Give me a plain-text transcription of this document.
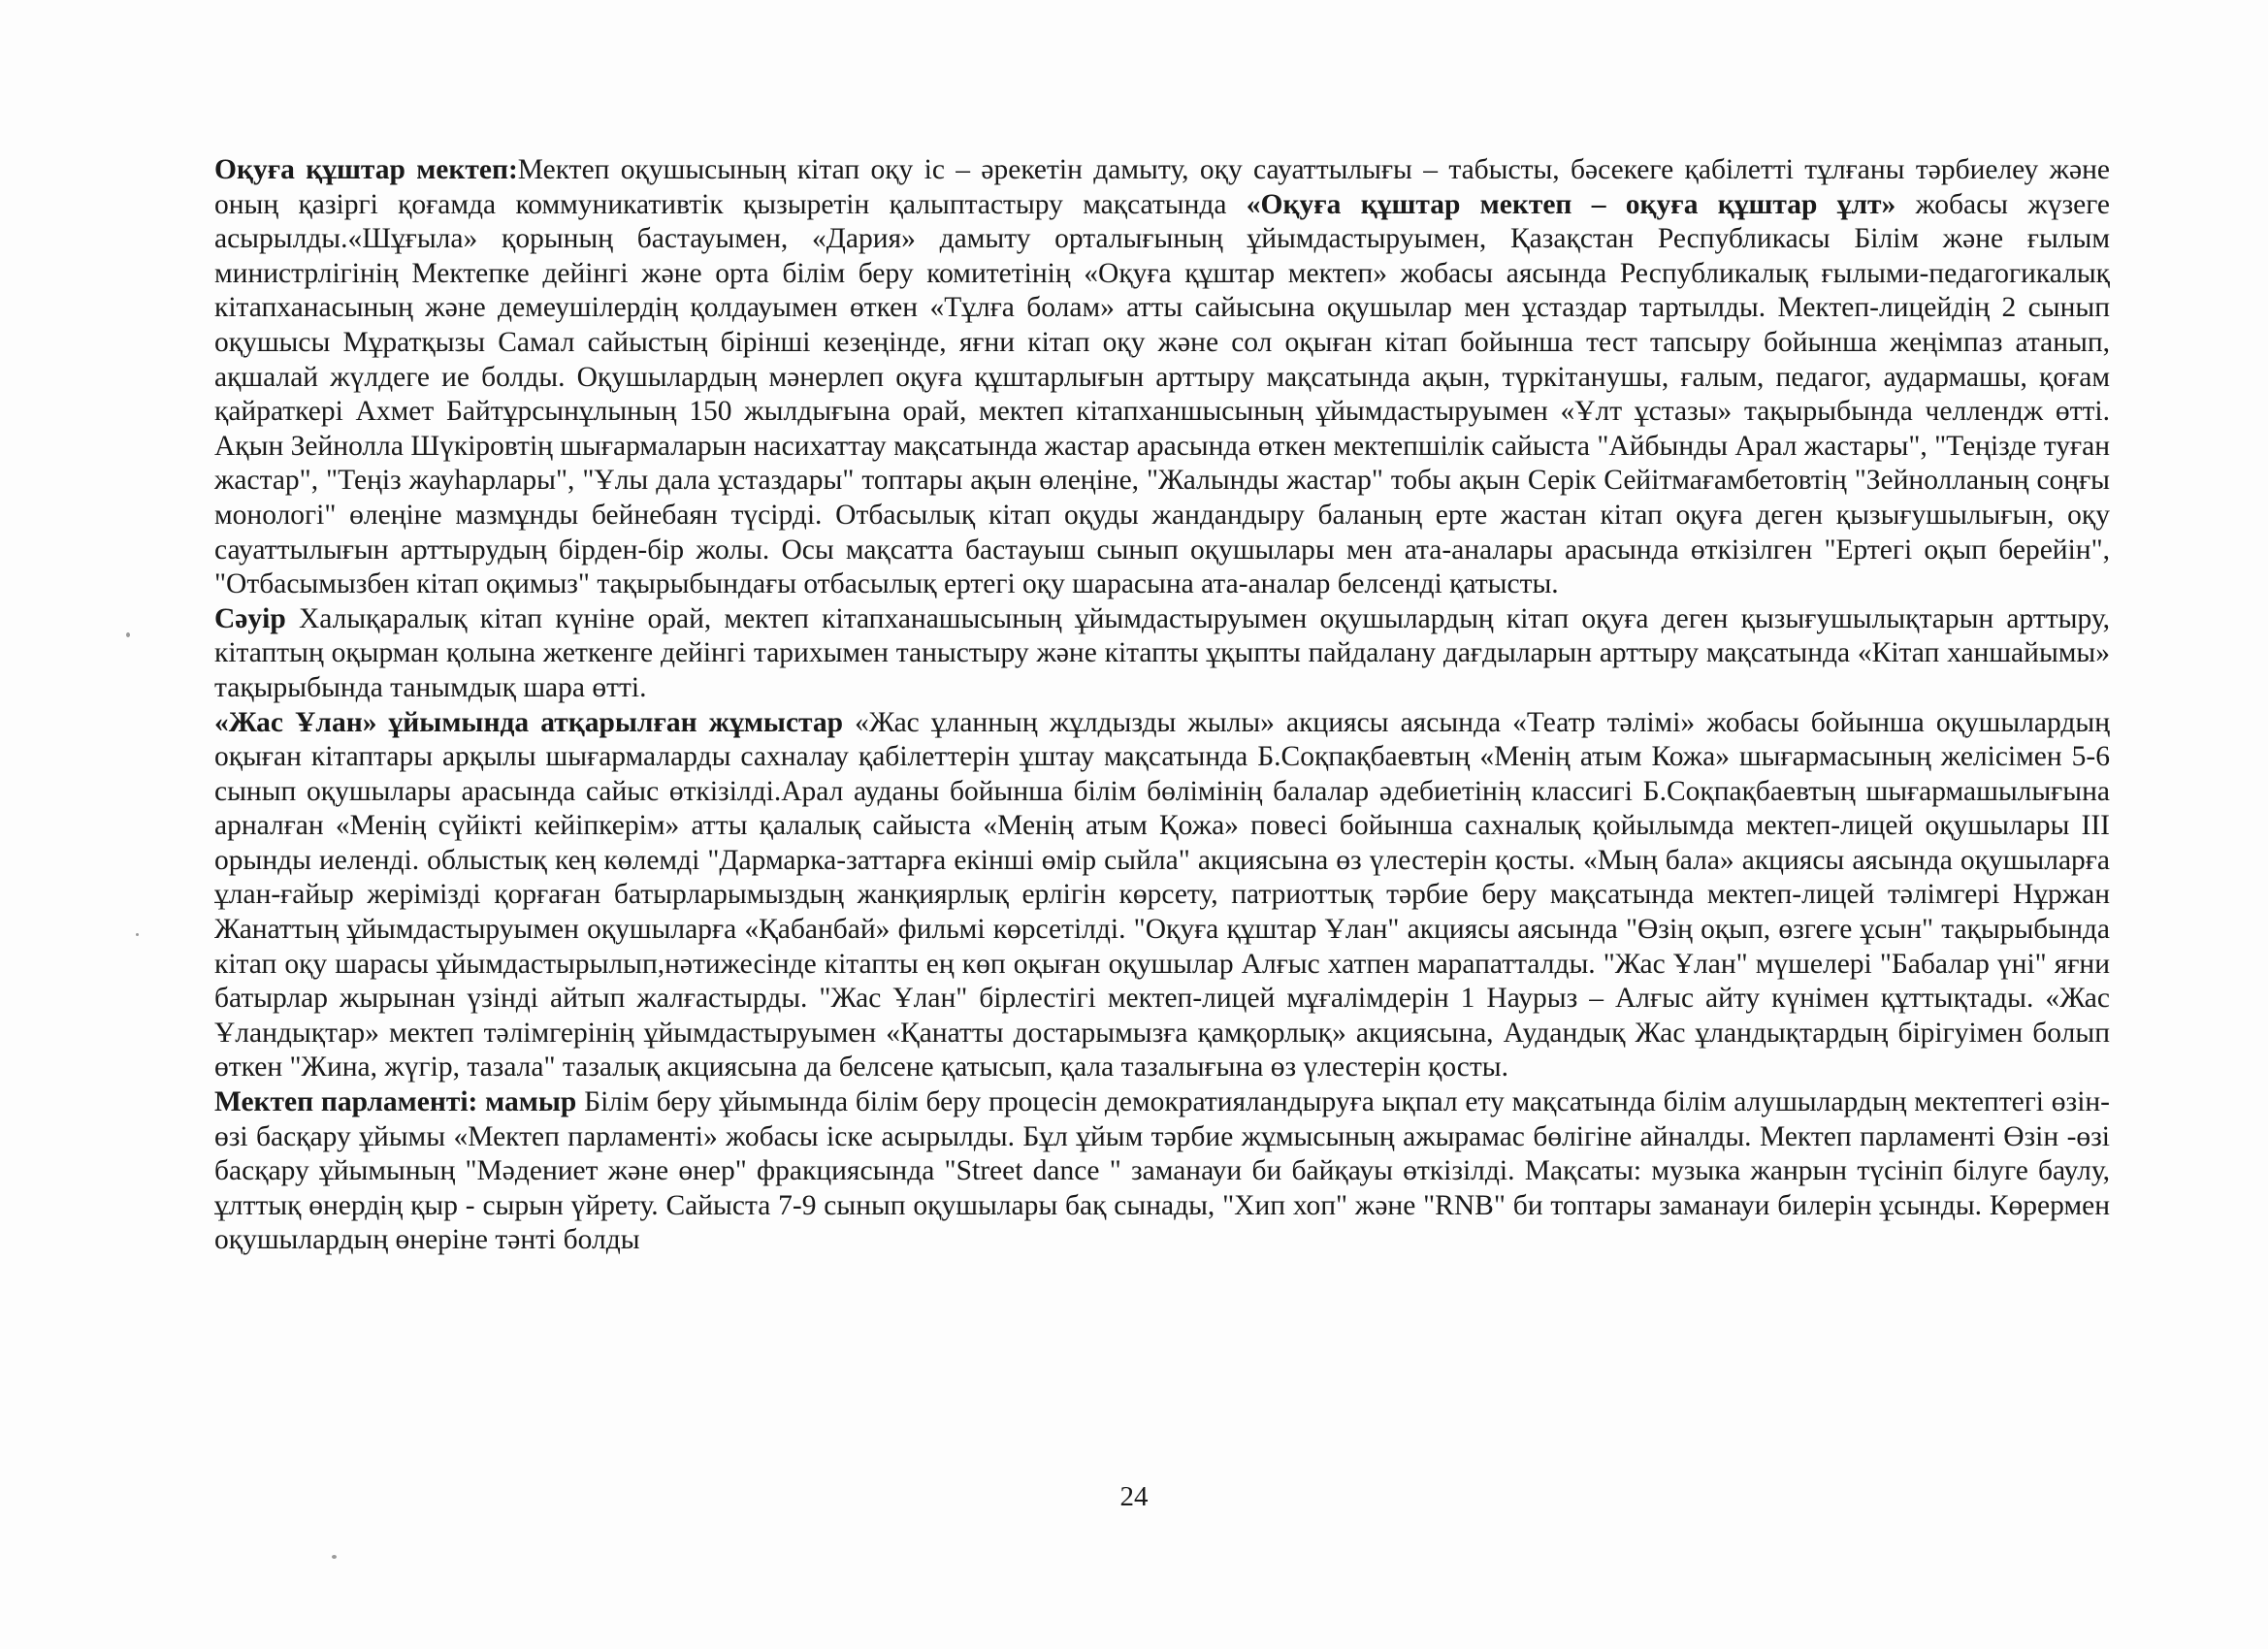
Оқуға құштар мектеп:Мектеп оқушысының кітап оқу іс – әрекетін дамыту, оқу сауаттылығы – табысты, бәсекеге қабілетті тұлғаны тәрбиелеу және оның қазіргі қоғамда коммуникативтік қызыретін қалыптастыру мақсатында «Оқуға құштар мектеп – оқуға құштар ұлт» жобасы жүзеге асырылды.«Шұғыла» қорының бастауымен, «Дария» дамыту орталығының ұйымдастыруымен, Қазақстан Республикасы Білім және ғылым министрлігінің Мектепке дейінгі және орта білім беру комитетінің «Оқуға құштар мектеп» жобасы аясында Республикалық ғылыми-педагогикалық кітапханасының және демеушілердің қолдауымен өткен «Тұлға болам» атты сайысына оқушылар мен ұстаздар тартылды. Мектеп-лицейдің 2 сынып оқушысы Мұратқызы Самал сайыстың бірінші кезеңінде, яғни кітап оқу және сол оқыған кітап бойынша тест тапсыру бойынша жеңімпаз атанып, ақшалай жүлдеге ие болды. Оқушылардың мәнерлеп оқуға құштарлығын арттыру мақсатында ақын, түркітанушы, ғалым, педагог, аудармашы, қоғам қайраткері Ахмет Байтұрсынұлының 150 жылдығына орай, мектеп кітапханшысының ұйымдастыруымен «Ұлт ұстазы» тақырыбында челлендж өтті. Ақын Зейнолла Шүкіровтің шығармаларын насихаттау мақсатында жастар арасында өткен мектепшілік сайыста "Айбынды Арал жастары", "Теңізде туған жастар", "Теңіз жауһарлары", "Ұлы дала ұстаздары" топтары ақын өлеңіне, "Жалынды жастар" тобы ақын Серік Сейітмағамбетовтің "Зейнолланың соңғы монологі" өлеңіне мазмұнды бейнебаян түсірді. Отбасылық кітап оқуды жандандыру баланың ерте жастан кітап оқуға деген қызығушылығын, оқу сауаттылығын арттырудың бірден-бір жолы. Осы мақсатта бастауыш сынып оқушылары мен ата-аналары арасында өткізілген "Ертегі оқып берейін", "Отбасымызбен кітап оқимыз" тақырыбындағы отбасылық ертегі оқу шарасына ата-аналар белсенді қатысты.

Сәуір Халықаралық кітап күніне орай, мектеп кітапханашысының ұйымдастыруымен оқушылардың кітап оқуға деген қызығушылықтарын арттыру, кітаптың оқырман қолына жеткенге дейінгі тарихымен таныстыру және кітапты ұқыпты пайдалану дағдыларын арттыру мақсатында «Кітап ханшайымы» тақырыбында танымдық шара өтті.

«Жас Ұлан» ұйымында атқарылған жұмыстар «Жас ұланның жұлдызды жылы» акциясы аясында «Театр тәлімі» жобасы бойынша оқушылардың оқыған кітаптары арқылы шығармаларды сахналау қабілеттерін ұштау мақсатында Б.Соқпақбаевтың «Менің атым Кожа» шығармасының желісімен 5-6 сынып оқушылары арасында сайыс өткізілді.Арал ауданы бойынша білім бөлімінің балалар әдебиетінің классигі Б.Соқпақбаевтың шығармашылығына арналған «Менің сүйікті кейіпкерім» атты қалалық сайыста «Менің атым Қожа» повесі бойынша сахналық қойылымда мектеп-лицей оқушылары ІІІ орынды иеленді. облыстық кең көлемді "Дармарка-заттарға екінші өмір сыйла" акциясына өз үлестерін қосты. «Мың бала» акциясы аясында оқушыларға ұлан-ғайыр жерімізді қорғаған батырларымыздың жанқиярлық ерлігін көрсету, патриоттық тәрбие беру мақсатында мектеп-лицей тәлімгері Нұржан Жанаттың ұйымдастыруымен оқушыларға «Қабанбай» фильмі көрсетілді. "Оқуға құштар Ұлан" акциясы аясында "Өзің оқып, өзгеге ұсын" тақырыбында кітап оқу шарасы ұйымдастырылып,нәтижесінде кітапты ең көп оқыған оқушылар Алғыс хатпен марапатталды. "Жас Ұлан" мүшелері "Бабалар үні" яғни батырлар жырынан үзінді айтып жалғастырды. "Жас Ұлан" бірлестігі мектеп-лицей мұғалімдерін 1 Наурыз – Алғыс айту күнімен құттықтады. «Жас Ұландықтар» мектеп тәлімгерінің ұйымдастыруымен «Қанатты достарымызға қамқорлық» акциясына, Аудандық Жас ұландықтардың бірігуімен болып өткен "Жина, жүгір, тазала" тазалық акциясына да белсене қатысып, қала тазалығына өз үлестерін қосты.

Мектеп парламенті: мамыр Білім беру ұйымында білім беру процесін демократияландыруға ықпал ету мақсатында білім алушылардың мектептегі өзін-өзі басқару ұйымы «Мектеп парламенті» жобасы іске асырылды. Бұл ұйым тәрбие жұмысының ажырамас бөлігіне айналды. Мектеп парламенті Өзін -өзі басқару ұйымының "Мәдениет және өнер" фракциясында "Street dance " заманауи би байқауы өткізілді. Мақсаты: музыка жанрын түсініп білуге баулу, ұлттық өнердің қыр - сырын үйрету. Сайыста 7-9 сынып оқушылары бақ сынады, "Хип хоп" және "RNB" би топтары заманауи билерін ұсынды. Көрермен оқушылардың өнеріне тәнті болды

24
